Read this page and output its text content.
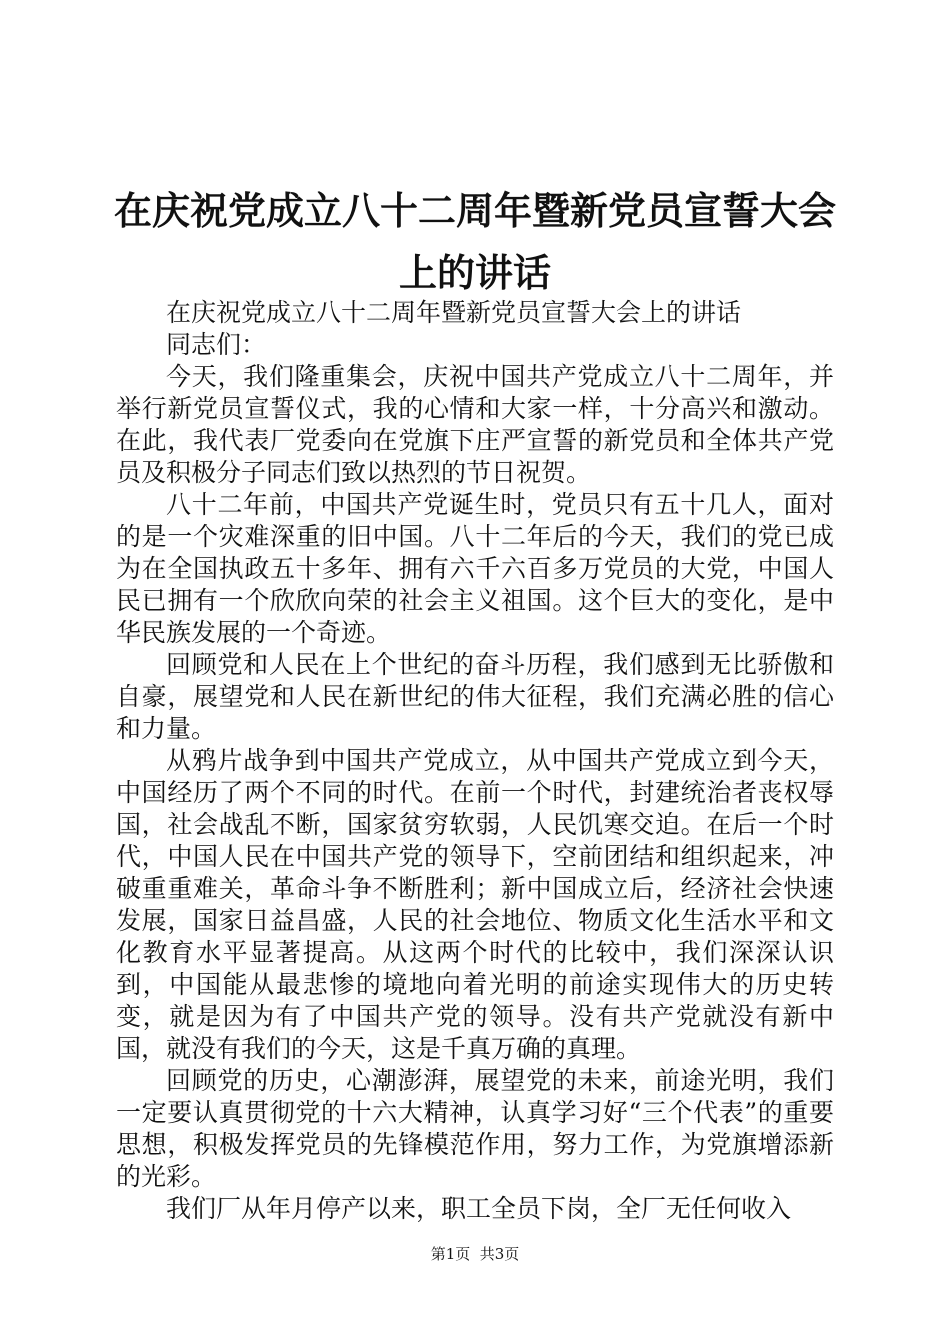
在庆祝党成立八十二周年暨新党员宣誓大会上的讲话

在庆祝党成立八十二周年暨新党员宣誓大会上的讲话

同志们：

今天，我们隆重集会，庆祝中国共产党成立八十二周年，并举行新党员宣誓仪式，我的心情和大家一样，十分高兴和激动。在此，我代表厂党委向在党旗下庄严宣誓的新党员和全体共产党员及积极分子同志们致以热烈的节日祝贺。

八十二年前，中国共产党诞生时，党员只有五十几人，面对的是一个灾难深重的旧中国。八十二年后的今天，我们的党已成为在全国执政五十多年、拥有六千六百多万党员的大党，中国人民已拥有一个欣欣向荣的社会主义祖国。这个巨大的变化，是中华民族发展的一个奇迹。

回顾党和人民在上个世纪的奋斗历程，我们感到无比骄傲和自豪，展望党和人民在新世纪的伟大征程，我们充满必胜的信心和力量。

从鸦片战争到中国共产党成立，从中国共产党成立到今天，中国经历了两个不同的时代。在前一个时代，封建统治者丧权辱国，社会战乱不断，国家贫穷软弱，人民饥寒交迫。在后一个时代，中国人民在中国共产党的领导下，空前团结和组织起来，冲破重重难关，革命斗争不断胜利；新中国成立后，经济社会快速发展，国家日益昌盛，人民的社会地位、物质文化生活水平和文化教育水平显著提高。从这两个时代的比较中，我们深深认识到，中国能从最悲惨的境地向着光明的前途实现伟大的历史转变，就是因为有了中国共产党的领导。没有共产党就没有新中国，就没有我们的今天，这是千真万确的真理。

回顾党的历史，心潮澎湃，展望党的未来，前途光明，我们一定要认真贯彻党的十六大精神，认真学习好“三个代表”的重要思想，积极发挥党员的先锋模范作用，努力工作，为党旗增添新的光彩。

我们厂从年月停产以来，职工全员下岗，全厂无任何收入

第1页  共3页
